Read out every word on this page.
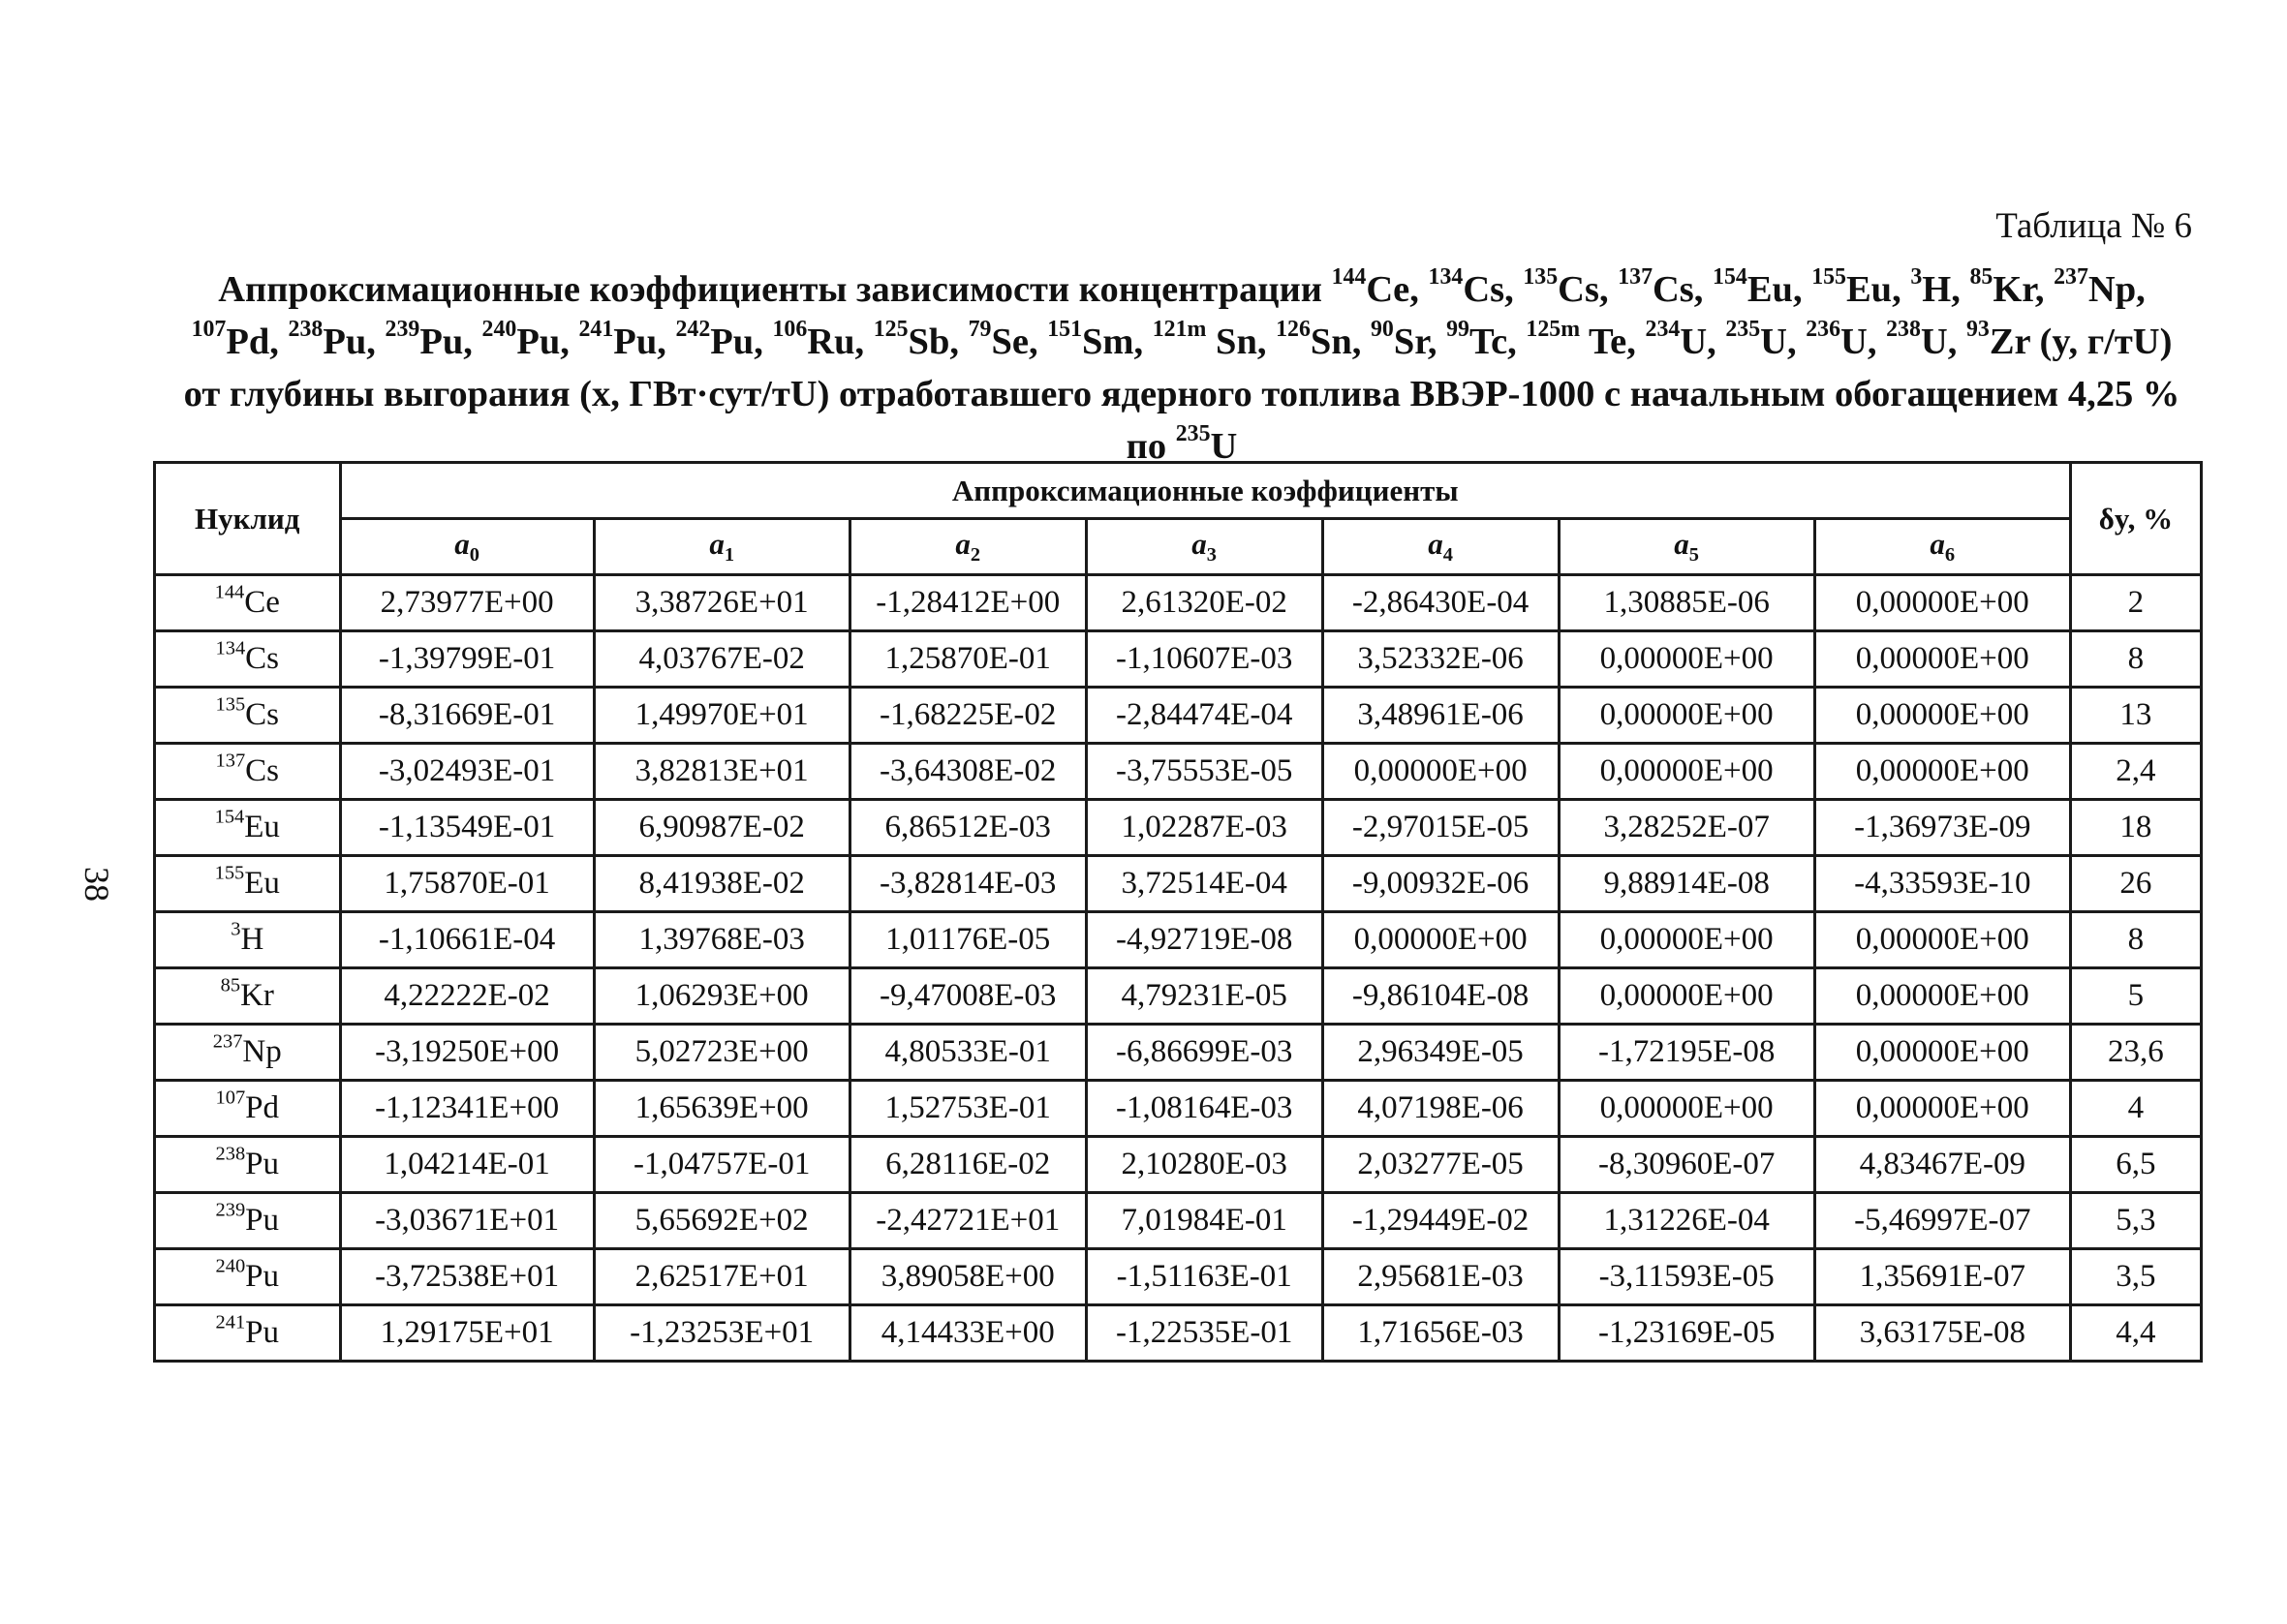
Таблица № 6
Аппроксимационные коэффициенты зависимости концентрации $^{144}$Ce, $^{134}$Cs, $^{135}$Cs, $^{137}$Cs, $^{154}$Eu, $^{155}$Eu, $^3$H, $^{85}$Kr, $^{237}$Np, $^{107}$Pd, $^{238}$Pu, $^{239}$Pu, $^{240}$Pu, $^{241}$Pu, $^{242}$Pu, $^{106}$Ru, $^{125}$Sb, $^{79}$Se, $^{151}$Sm, $^{121m}$ Sn, $^{126}$Sn, $^{90}$Sr, $^{99}$Tc, $^{125m}$ Te, $^{234}$U, $^{235}$U, $^{236}$U, $^{238}$U, $^{93}$Zr (y, г/тU) от глубины выгорания (x, ГВт·сут/тU) отработавшего ядерного топлива ВВЭР-1000 с начальным обогащением 4,25 % по $^{235}$U
38
Нуклид	Аппроксимационные коэффициенты							δy, %
	$a_0$	$a_1$	$a_2$	$a_3$	$a_4$	$a_5$	$a_6$
$^{144}$Ce	2,73977E+00	3,38726E+01	-1,28412E+00	2,61320E-02	-2,86430E-04	1,30885E-06	0,00000E+00	2
$^{134}$Cs	-1,39799E-01	4,03767E-02	1,25870E-01	-1,10607E-03	3,52332E-06	0,00000E+00	0,00000E+00	8
$^{135}$Cs	-8,31669E-01	1,49970E+01	-1,68225E-02	-2,84474E-04	3,48961E-06	0,00000E+00	0,00000E+00	13
$^{137}$Cs	-3,02493E-01	3,82813E+01	-3,64308E-02	-3,75553E-05	0,00000E+00	0,00000E+00	0,00000E+00	2,4
$^{154}$Eu	-1,13549E-01	6,90987E-02	6,86512E-03	1,02287E-03	-2,97015E-05	3,28252E-07	-1,36973E-09	18
$^{155}$Eu	1,75870E-01	8,41938E-02	-3,82814E-03	3,72514E-04	-9,00932E-06	9,88914E-08	-4,33593E-10	26
$^3$H	-1,10661E-04	1,39768E-03	1,01176E-05	-4,92719E-08	0,00000E+00	0,00000E+00	0,00000E+00	8
$^{85}$Kr	4,22222E-02	1,06293E+00	-9,47008E-03	4,79231E-05	-9,86104E-08	0,00000E+00	0,00000E+00	5
$^{237}$Np	-3,19250E+00	5,02723E+00	4,80533E-01	-6,86699E-03	2,96349E-05	-1,72195E-08	0,00000E+00	23,6
$^{107}$Pd	-1,12341E+00	1,65639E+00	1,52753E-01	-1,08164E-03	4,07198E-06	0,00000E+00	0,00000E+00	4
$^{238}$Pu	1,04214E-01	-1,04757E-01	6,28116E-02	2,10280E-03	2,03277E-05	-8,30960E-07	4,83467E-09	6,5
$^{239}$Pu	-3,03671E+01	5,65692E+02	-2,42721E+01	7,01984E-01	-1,29449E-02	1,31226E-04	-5,46997E-07	5,3
$^{240}$Pu	-3,72538E+01	2,62517E+01	3,89058E+00	-1,51163E-01	2,95681E-03	-3,11593E-05	1,35691E-07	3,5
$^{241}$Pu	1,29175E+01	-1,23253E+01	4,14433E+00	-1,22535E-01	1,71656E-03	-1,23169E-05	3,63175E-08	4,4
